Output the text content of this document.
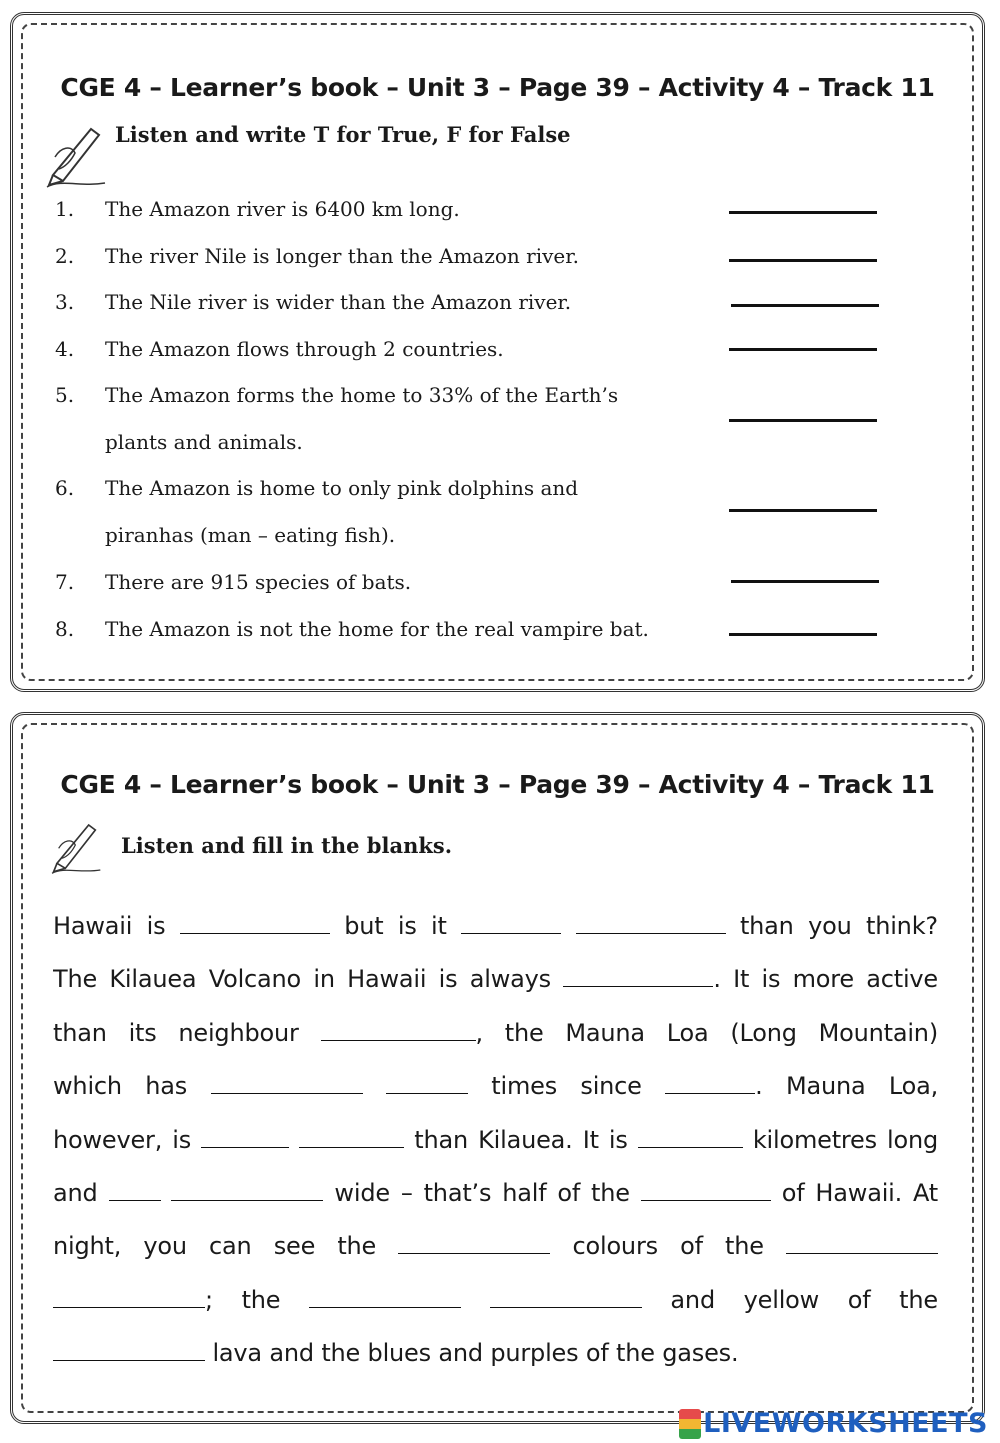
CGE 4 – Learner’s book – Unit 3 – Page 39 – Activity 4 – Track 11
Listen and write T for True, F for False
1. The Amazon river is 6400 km long.
2. The river Nile is longer than the Amazon river.
3. The Nile river is wider than the Amazon river.
4. The Amazon flows through 2 countries.
5. The Amazon forms the home to 33% of the Earth’s
plants and animals.
6. The Amazon is home to only pink dolphins and
piranhas (man – eating fish).
7. There are 915 species of bats.
8. The Amazon is not the home for the real vampire bat.
CGE 4 – Learner’s book – Unit 3 – Page 39 – Activity 4 – Track 11
Listen and fill in the blanks.
Hawaii is	but is it	than you think?
The Kilauea Volcano in Hawaii is always	. It is more active
than its neighbour	, the Mauna Loa (Long Mountain)
which has	times since	. Mauna Loa,
however, is	than Kilauea. It is	kilometres long
and	wide – that’s half of the	of Hawaii. At
night, you can see the	colours of the
; the	and yellow of the
lava and the blues and purples of the gases.
LIVEWORKSHEETS
